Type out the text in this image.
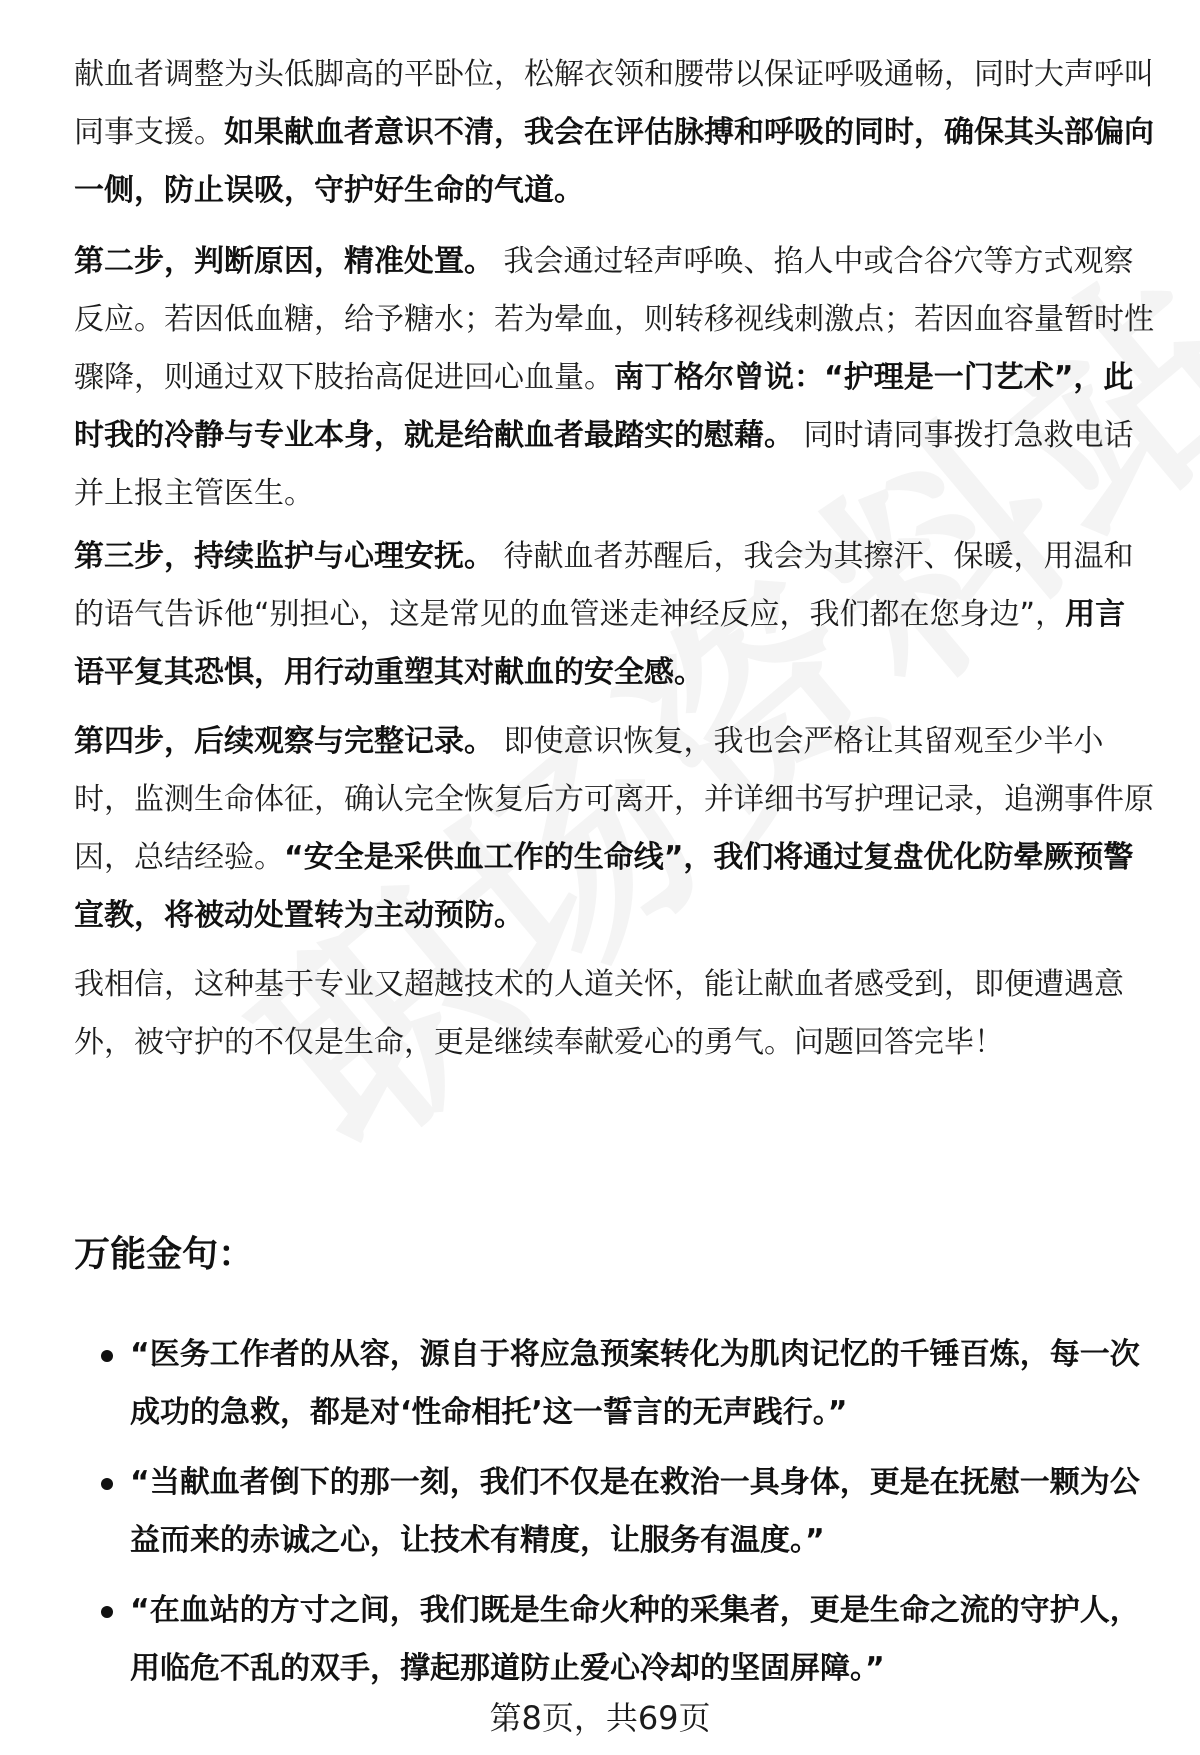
献血者调整为头低脚高的平卧位，松解衣领和腰带以保证呼吸通畅，同时大声呼叫同事支援。如果献血者意识不清，我会在评估脉搏和呼吸的同时，确保其头部偏向一侧，防止误吸，守护好生命的气道。

第二步，判断原因，精准处置。 我会通过轻声呼唤、掐人中或合谷穴等方式观察反应。若因低血糖，给予糖水；若为晕血，则转移视线刺激点；若因血容量暂时性骤降，则通过双下肢抬高促进回心血量。南丁格尔曾说：“护理是一门艺术”，此时我的冷静与专业本身，就是给献血者最踏实的慰藉。 同时请同事拨打急救电话并上报主管医生。

第三步，持续监护与心理安抚。 待献血者苏醒后，我会为其擦汗、保暖，用温和的语气告诉他“别担心，这是常见的血管迷走神经反应，我们都在您身边”，用言语平复其恐惧，用行动重塑其对献血的安全感。

第四步，后续观察与完整记录。 即使意识恢复，我也会严格让其留观至少半小时，监测生命体征，确认完全恢复后方可离开，并详细书写护理记录，追溯事件原因，总结经验。“安全是采供血工作的生命线”，我们将通过复盘优化防晕厥预警宣教，将被动处置转为主动预防。

我相信，这种基于专业又超越技术的人道关怀，能让献血者感受到，即便遭遇意外，被守护的不仅是生命，更是继续奉献爱心的勇气。问题回答完毕！

万能金句：
“医务工作者的从容，源自于将应急预案转化为肌肉记忆的千锤百炼，每一次成功的急救，都是对‘性命相托’这一誓言的无声践行。”
“当献血者倒下的那一刻，我们不仅是在救治一具身体，更是在抚慰一颗为公益而来的赤诚之心，让技术有精度，让服务有温度。”
“在血站的方寸之间，我们既是生命火种的采集者，更是生命之流的守护人，用临危不乱的双手，撑起那道防止爱心冷却的坚固屏障。”
第8页，共69页
